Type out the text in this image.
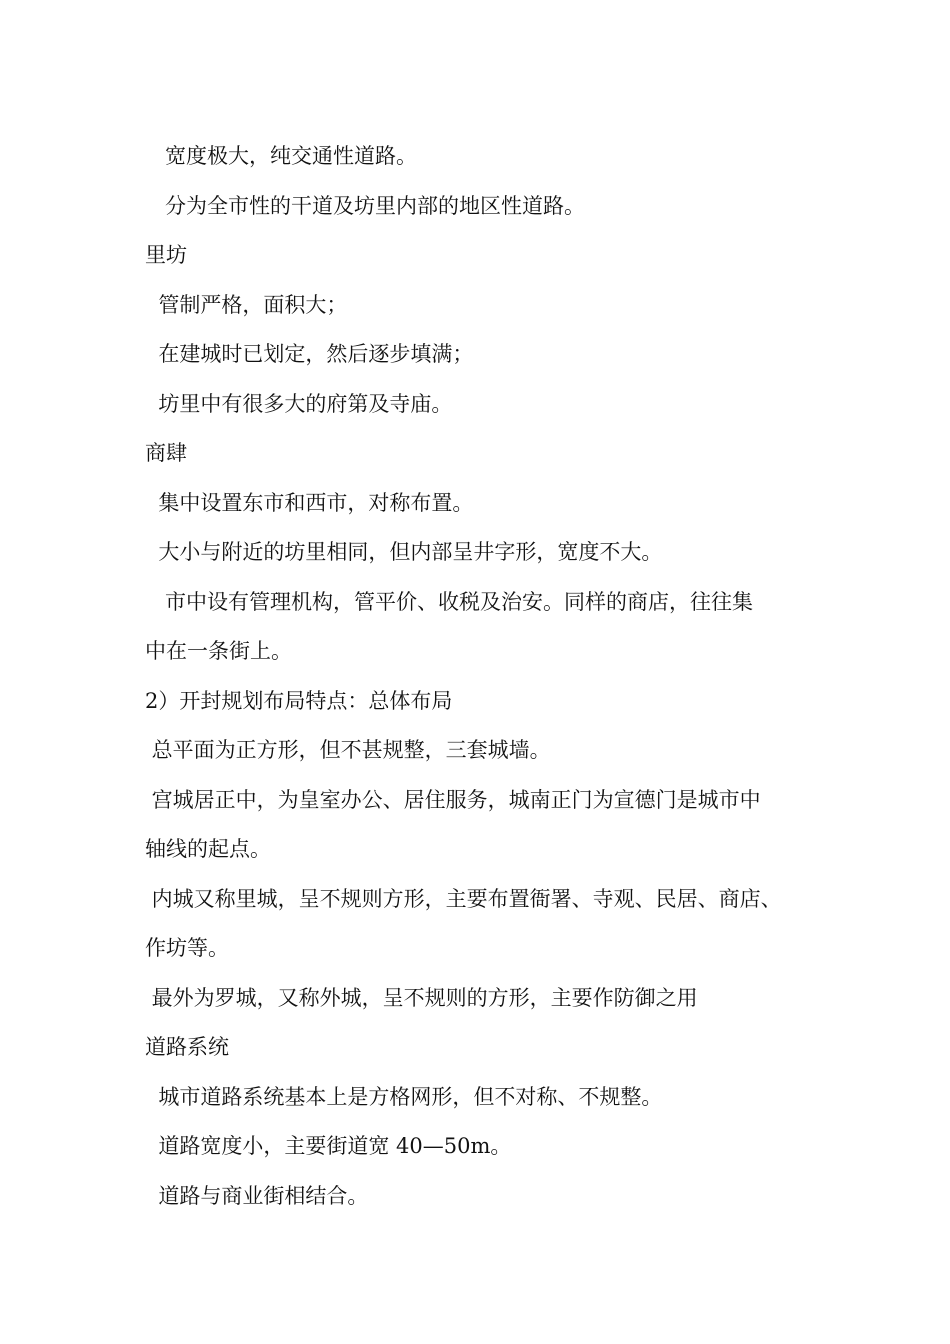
宽度极大，纯交通性道路。

分为全市性的干道及坊里内部的地区性道路。

里坊

管制严格，面积大；

在建城时已划定，然后逐步填满；

坊里中有很多大的府第及寺庙。

商肆

集中设置东市和西市，对称布置。

大小与附近的坊里相同，但内部呈井字形，宽度不大。

市中设有管理机构，管平价、收税及治安。同样的商店，往往集

中在一条街上。

2）开封规划布局特点：总体布局

总平面为正方形，但不甚规整，三套城墙。

宫城居正中，为皇室办公、居住服务，城南正门为宣德门是城市中

轴线的起点。

内城又称里城，呈不规则方形，主要布置衙署、寺观、民居、商店、

作坊等。

最外为罗城，又称外城，呈不规则的方形，主要作防御之用

道路系统

城市道路系统基本上是方格网形，但不对称、不规整。

道路宽度小，主要街道宽 40—50m。

道路与商业街相结合。
